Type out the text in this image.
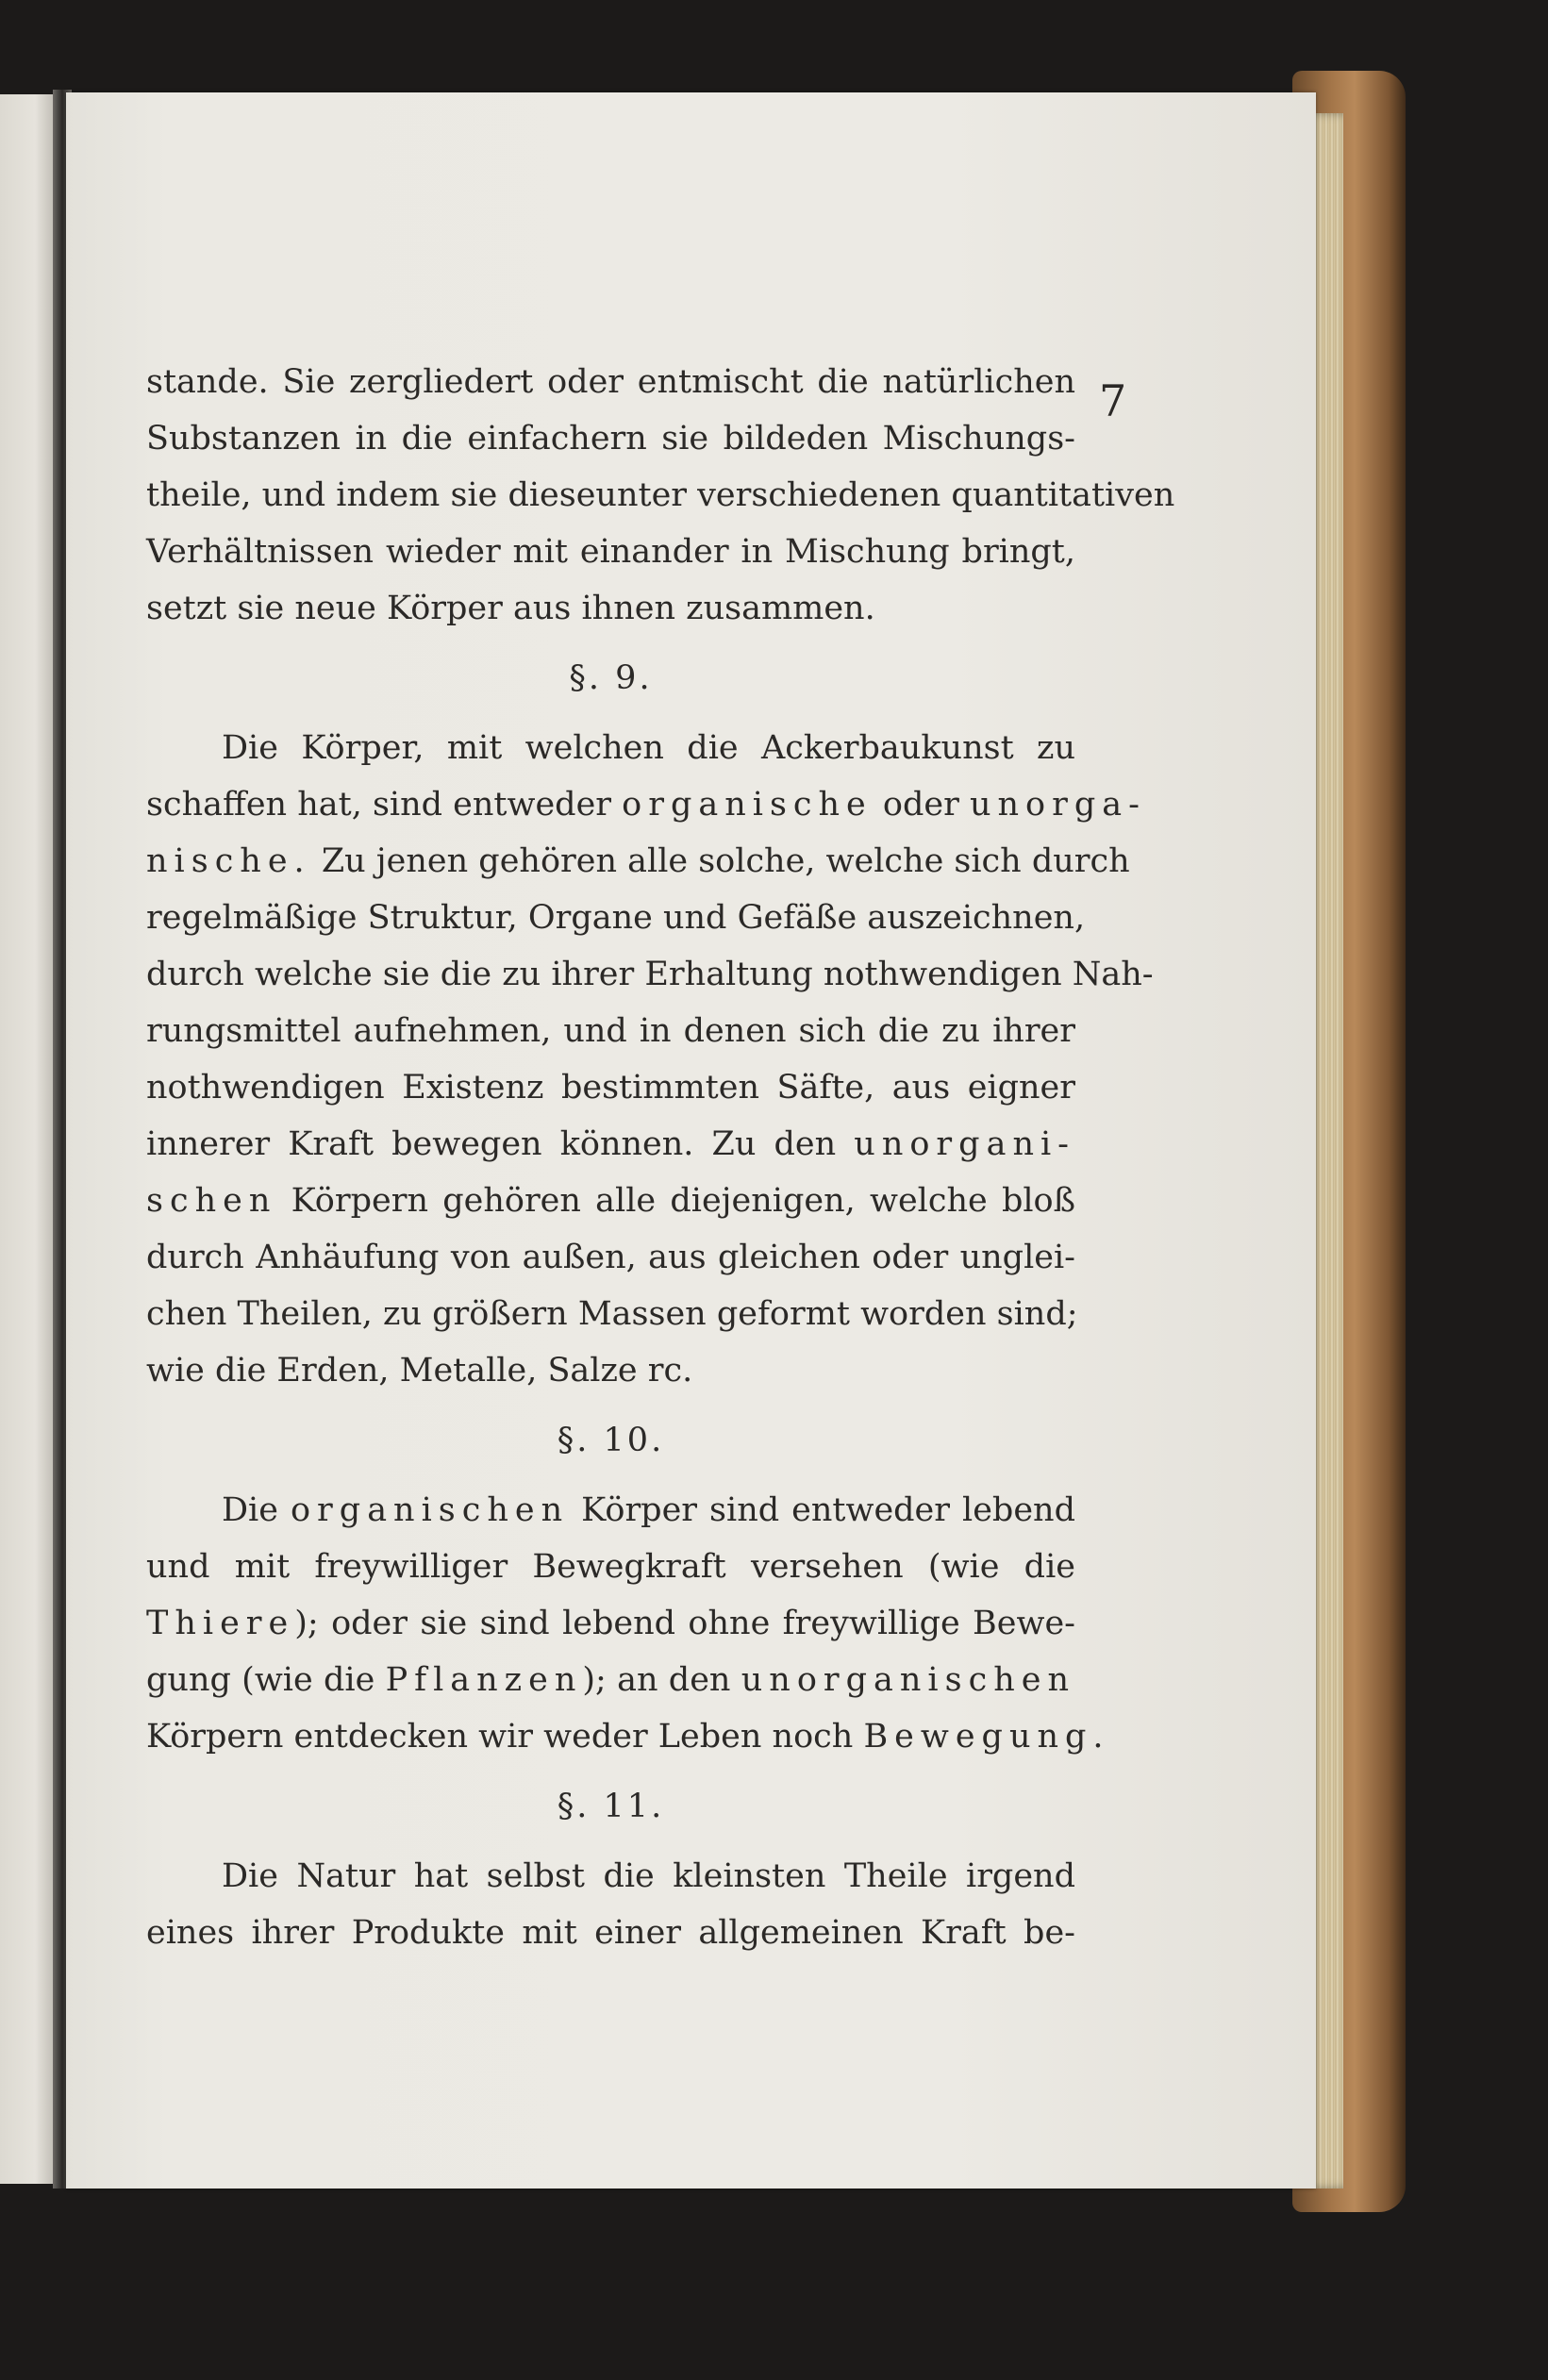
7

stande. Sie zergliedert oder entmischt die natürlichen
Substanzen in die einfachern sie bildeden Mischungs-
theile, und indem sie dieseunter verschiedenen quantitativen
Verhältnissen wieder mit einander in Mischung bringt,
setzt sie neue Körper aus ihnen zusammen.
§. 9.
Die Körper, mit welchen die Ackerbaukunst zu
schaffen hat, sind entweder organische oder unorga-
nische. Zu jenen gehören alle solche, welche sich durch
regelmäßige Struktur, Organe und Gefäße auszeichnen,
durch welche sie die zu ihrer Erhaltung nothwendigen Nah-
rungsmittel aufnehmen, und in denen sich die zu ihrer
nothwendigen Existenz bestimmten Säfte, aus eigner
innerer Kraft bewegen können. Zu den unorgani-
schen Körpern gehören alle diejenigen, welche bloß
durch Anhäufung von außen, aus gleichen oder unglei-
chen Theilen, zu größern Massen geformt worden sind;
wie die Erden, Metalle, Salze rc.
§. 10.
Die organischen Körper sind entweder lebend
und mit freywilliger Bewegkraft versehen (wie die
Thiere); oder sie sind lebend ohne freywillige Bewe-
gung (wie die Pflanzen); an den unorganischen
Körpern entdecken wir weder Leben noch Bewegung.
§. 11.
Die Natur hat selbst die kleinsten Theile irgend
eines ihrer Produkte mit einer allgemeinen Kraft be-
